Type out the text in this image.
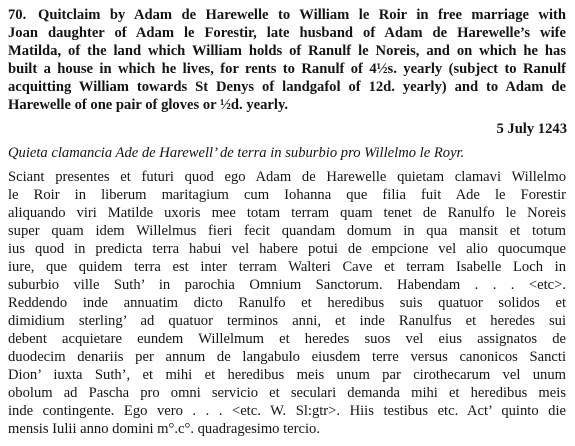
70. Quitclaim by Adam de Harewelle to William le Roir in free marriage with
Joan daughter of Adam le Forestir, late husband of Adam de Harewelle’s wife
Matilda, of the land which William holds of Ranulf le Noreis, and on which he has
built a house in which he lives, for rents to Ranulf of 4½s. yearly (subject to Ranulf
acquitting William towards St Denys of landgafol of 12d. yearly) and to Adam de
Harewelle of one pair of gloves or ½d. yearly.
5 July 1243
Quieta clamancia Ade de Harewell’ de terra in suburbio pro Willelmo le Royr.
Sciant presentes et futuri quod ego Adam de Harewelle quietam clamavi Willelmo
le Roir in liberum maritagium cum Iohanna que filia fuit Ade le Forestir
aliquando viri Matilde uxoris mee totam terram quam tenet de Ranulfo le Noreis
super quam idem Willelmus fieri fecit quandam domum in qua mansit et totum
ius quod in predicta terra habui vel habere potui de empcione vel alio quocumque
iure, que quidem terra est inter terram Walteri Cave et terram Isabelle Loch in
suburbio ville Suth’ in parochia Omnium Sanctorum. Habendam . . . <etc>.
Reddendo inde annuatim dicto Ranulfo et heredibus suis quatuor solidos et
dimidium sterling’ ad quatuor terminos anni, et inde Ranulfus et heredes sui
debent acquietare eundem Willelmum et heredes suos vel eius assignatos de
duodecim denariis per annum de langabulo eiusdem terre versus canonicos Sancti
Dion’ iuxta Suth’, et mihi et heredibus meis unum par cirothecarum vel unum
obolum ad Pascha pro omni servicio et seculari demanda mihi et heredibus meis
inde contingente. Ego vero . . . <etc. W. Sl:gtr>. Hiis testibus etc. Act’ quinto die
mensis Iulii anno domini m°.c°. quadragesimo tercio.
